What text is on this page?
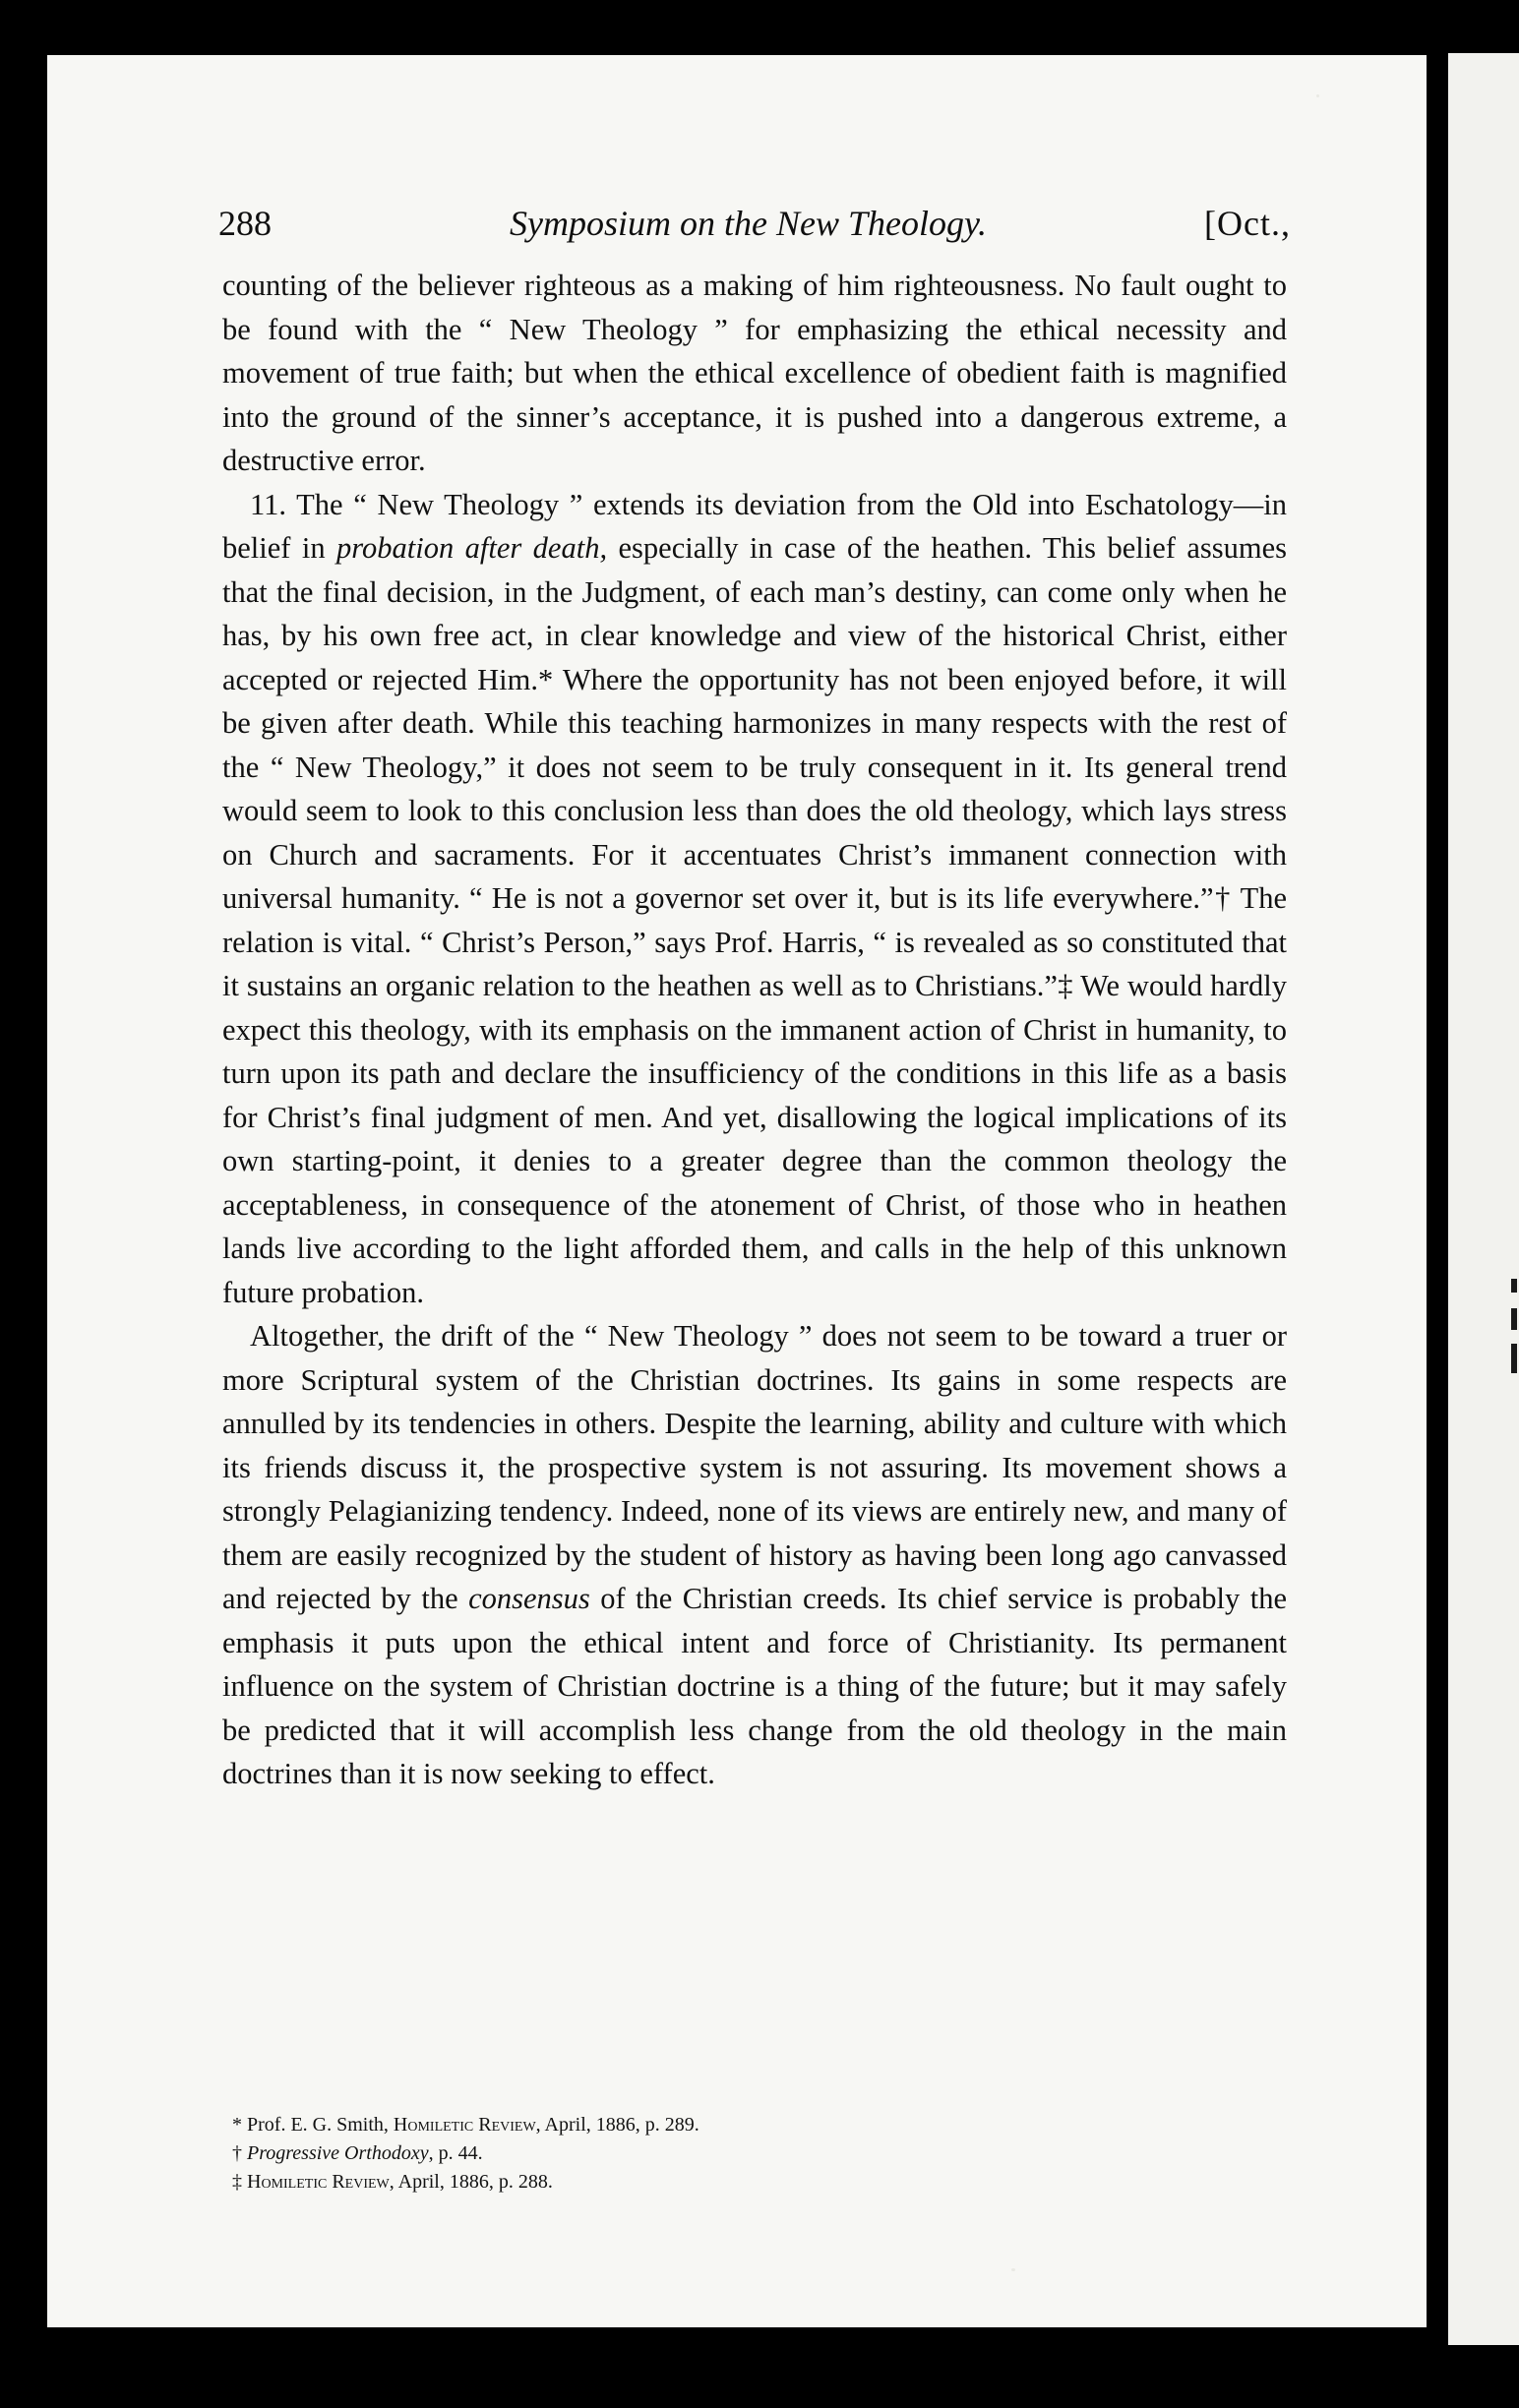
288	Symposium on the New Theology.	[Oct.,

counting of the believer righteous as a making of him righteousness. No fault ought to be found with the “ New Theology ” for emphasizing the ethical necessity and movement of true faith; but when the ethical excellence of obedient faith is magnified into the ground of the sinner’s acceptance, it is pushed into a dangerous extreme, a destructive error.

11. The “ New Theology ” extends its deviation from the Old into Eschatology—in belief in probation after death, especially in case of the heathen. This belief assumes that the final decision, in the Judgment, of each man’s destiny, can come only when he has, by his own free act, in clear knowledge and view of the historical Christ, either accepted or rejected Him.* Where the opportunity has not been enjoyed before, it will be given after death. While this teaching harmonizes in many respects with the rest of the “ New Theology,” it does not seem to be truly consequent in it. Its general trend would seem to look to this conclusion less than does the old theology, which lays stress on Church and sacraments. For it accentuates Christ’s immanent connection with universal humanity. “ He is not a governor set over it, but is its life everywhere.”† The relation is vital. “ Christ’s Person,” says Prof. Harris, “ is revealed as so constituted that it sustains an organic relation to the heathen as well as to Christians.”‡ We would hardly expect this theology, with its emphasis on the immanent action of Christ in humanity, to turn upon its path and declare the insufficiency of the conditions in this life as a basis for Christ’s final judgment of men. And yet, disallowing the logical implications of its own starting-point, it denies to a greater degree than the common theology the acceptableness, in consequence of the atonement of Christ, of those who in heathen lands live according to the light afforded them, and calls in the help of this unknown future probation.

Altogether, the drift of the “ New Theology ” does not seem to be toward a truer or more Scriptural system of the Christian doctrines. Its gains in some respects are annulled by its tendencies in others. Despite the learning, ability and culture with which its friends discuss it, the prospective system is not assuring. Its movement shows a strongly Pelagianizing tendency. Indeed, none of its views are entirely new, and many of them are easily recognized by the student of history as having been long ago canvassed and rejected by the consensus of the Christian creeds. Its chief service is probably the emphasis it puts upon the ethical intent and force of Christianity. Its permanent influence on the system of Christian doctrine is a thing of the future; but it may safely be predicted that it will accomplish less change from the old theology in the main doctrines than it is now seeking to effect.

* Prof. E. G. Smith, Homiletic Review, April, 1886, p. 289.

† Progressive Orthodoxy, p. 44.

‡ Homiletic Review, April, 1886, p. 288.
